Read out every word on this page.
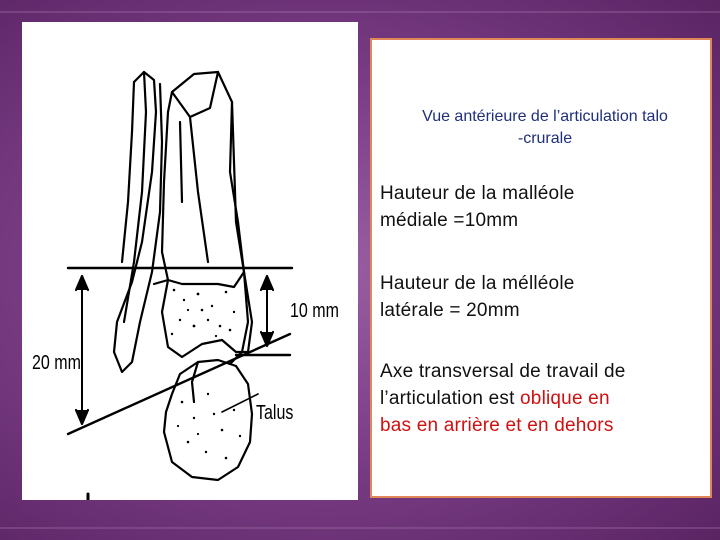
10 mm
20 mm
Talus
Vue antérieure de l’articulation talo
-crurale
Hauteur de la malléole
médiale =10mm
Hauteur de la mélléole
latérale = 20mm
Axe transversal de travail de
l’articulation est oblique en
bas en arrière et en dehors
